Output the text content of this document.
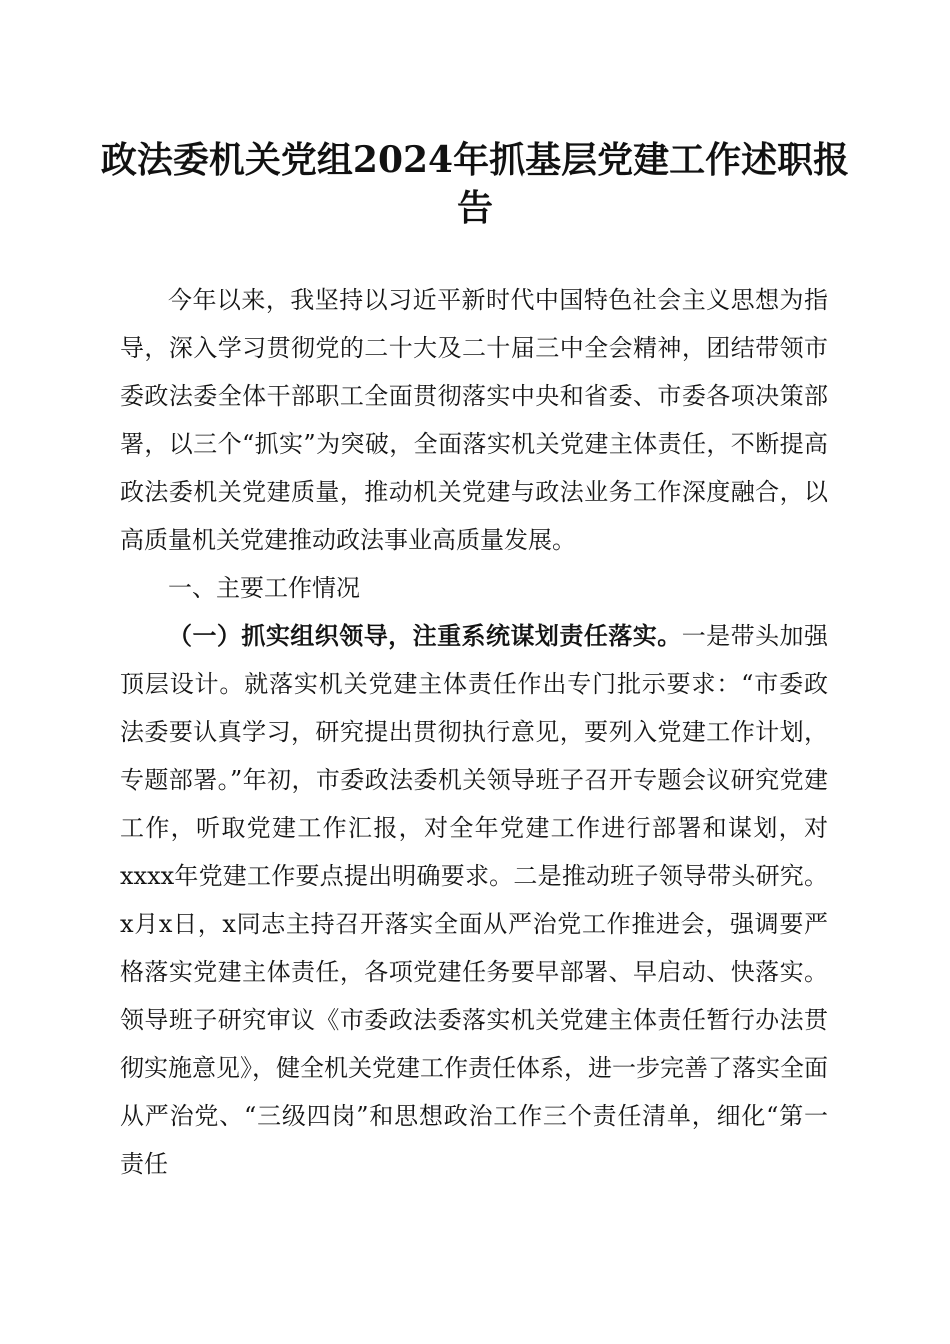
政法委机关党组2024年抓基层党建工作述职报告

今年以来，我坚持以习近平新时代中国特色社会主义思想为指导，深入学习贯彻党的二十大及二十届三中全会精神，团结带领市委政法委全体干部职工全面贯彻落实中央和省委、市委各项决策部署，以三个“抓实”为突破，全面落实机关党建主体责任，不断提高政法委机关党建质量，推动机关党建与政法业务工作深度融合，以高质量机关党建推动政法事业高质量发展。

一、主要工作情况

（一）抓实组织领导，注重系统谋划责任落实。一是带头加强顶层设计。就落实机关党建主体责任作出专门批示要求：“市委政法委要认真学习，研究提出贯彻执行意见，要列入党建工作计划，专题部署。”年初，市委政法委机关领导班子召开专题会议研究党建工作，听取党建工作汇报，对全年党建工作进行部署和谋划，对xxxx年党建工作要点提出明确要求。二是推动班子领导带头研究。x月x日，x同志主持召开落实全面从严治党工作推进会，强调要严格落实党建主体责任，各项党建任务要早部署、早启动、快落实。领导班子研究审议《市委政法委落实机关党建主体责任暂行办法贯彻实施意见》，健全机关党建工作责任体系，进一步完善了落实全面从严治党、“三级四岗”和思想政治工作三个责任清单，细化“第一责任
